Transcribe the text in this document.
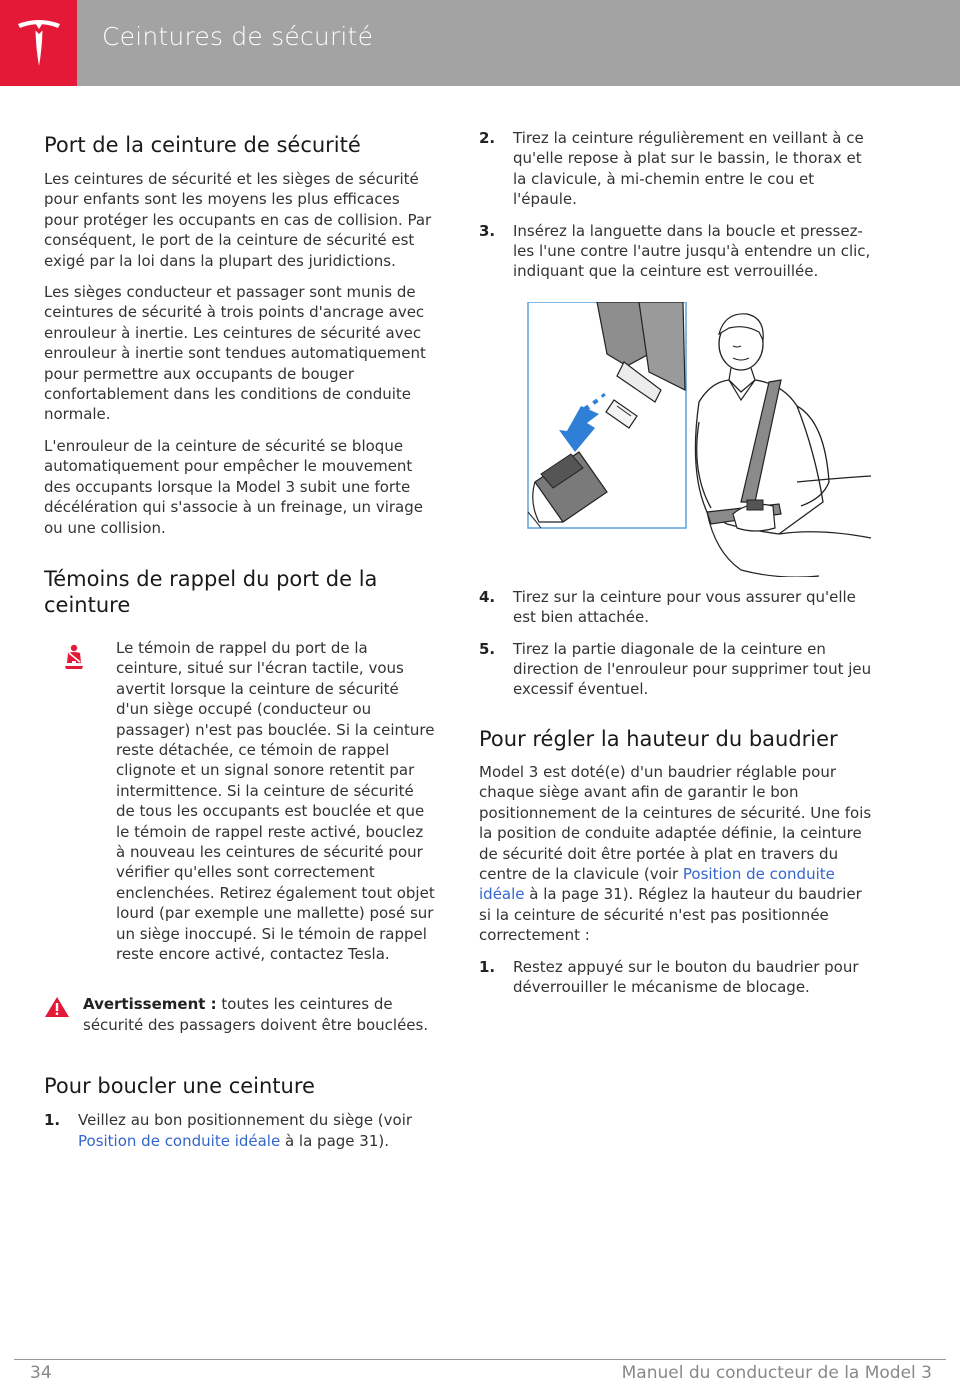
Ceintures de sécurité
Port de la ceinture de sécurité

Les ceintures de sécurité et les sièges de sécurité pour enfants sont les moyens les plus efficaces pour protéger les occupants en cas de collision. Par conséquent, le port de la ceinture de sécurité est exigé par la loi dans la plupart des juridictions.

Les sièges conducteur et passager sont munis de ceintures de sécurité à trois points d'ancrage avec enrouleur à inertie. Les ceintures de sécurité avec enrouleur à inertie sont tendues automatiquement pour permettre aux occupants de bouger confortablement dans les conditions de conduite normale.

L'enrouleur de la ceinture de sécurité se bloque automatiquement pour empêcher le mouvement des occupants lorsque la Model 3 subit une forte décélération qui s'associe à un freinage, un virage ou une collision.

Témoins de rappel du port de la ceinture

Le témoin de rappel du port de la ceinture, situé sur l'écran tactile, vous avertit lorsque la ceinture de sécurité d'un siège occupé (conducteur ou passager) n'est pas bouclée. Si la ceinture reste détachée, ce témoin de rappel clignote et un signal sonore retentit par intermittence. Si la ceinture de sécurité de tous les occupants est bouclée et que le témoin de rappel reste activé, bouclez à nouveau les ceintures de sécurité pour vérifier qu'elles sont correctement enclenchées. Retirez également tout objet lourd (par exemple une mallette) posé sur un siège inoccupé. Si le témoin de rappel reste encore activé, contactez Tesla.

Avertissement : toutes les ceintures de sécurité des passagers doivent être bouclées.

Pour boucler une ceinture
1. Veillez au bon positionnement du siège (voir Position de conduite idéale à la page 31).
2. Tirez la ceinture régulièrement en veillant à ce qu'elle repose à plat sur le bassin, le thorax et la clavicule, à mi-chemin entre le cou et l'épaule.
3. Insérez la languette dans la boucle et pressez-les l'une contre l'autre jusqu'à entendre un clic, indiquant que la ceinture est verrouillée.
4. Tirez sur la ceinture pour vous assurer qu'elle est bien attachée.
5. Tirez la partie diagonale de la ceinture en direction de l'enrouleur pour supprimer tout jeu excessif éventuel.
Pour régler la hauteur du baudrier

Model 3 est doté(e) d'un baudrier réglable pour chaque siège avant afin de garantir le bon positionnement de la ceintures de sécurité. Une fois la position de conduite adaptée définie, la ceinture de sécurité doit être portée à plat en travers du centre de la clavicule (voir Position de conduite idéale à la page 31). Réglez la hauteur du baudrier si la ceinture de sécurité n'est pas positionnée correctement :

1. Restez appuyé sur le bouton du baudrier pour déverrouiller le mécanisme de blocage.
34	Manuel du conducteur de la Model 3
